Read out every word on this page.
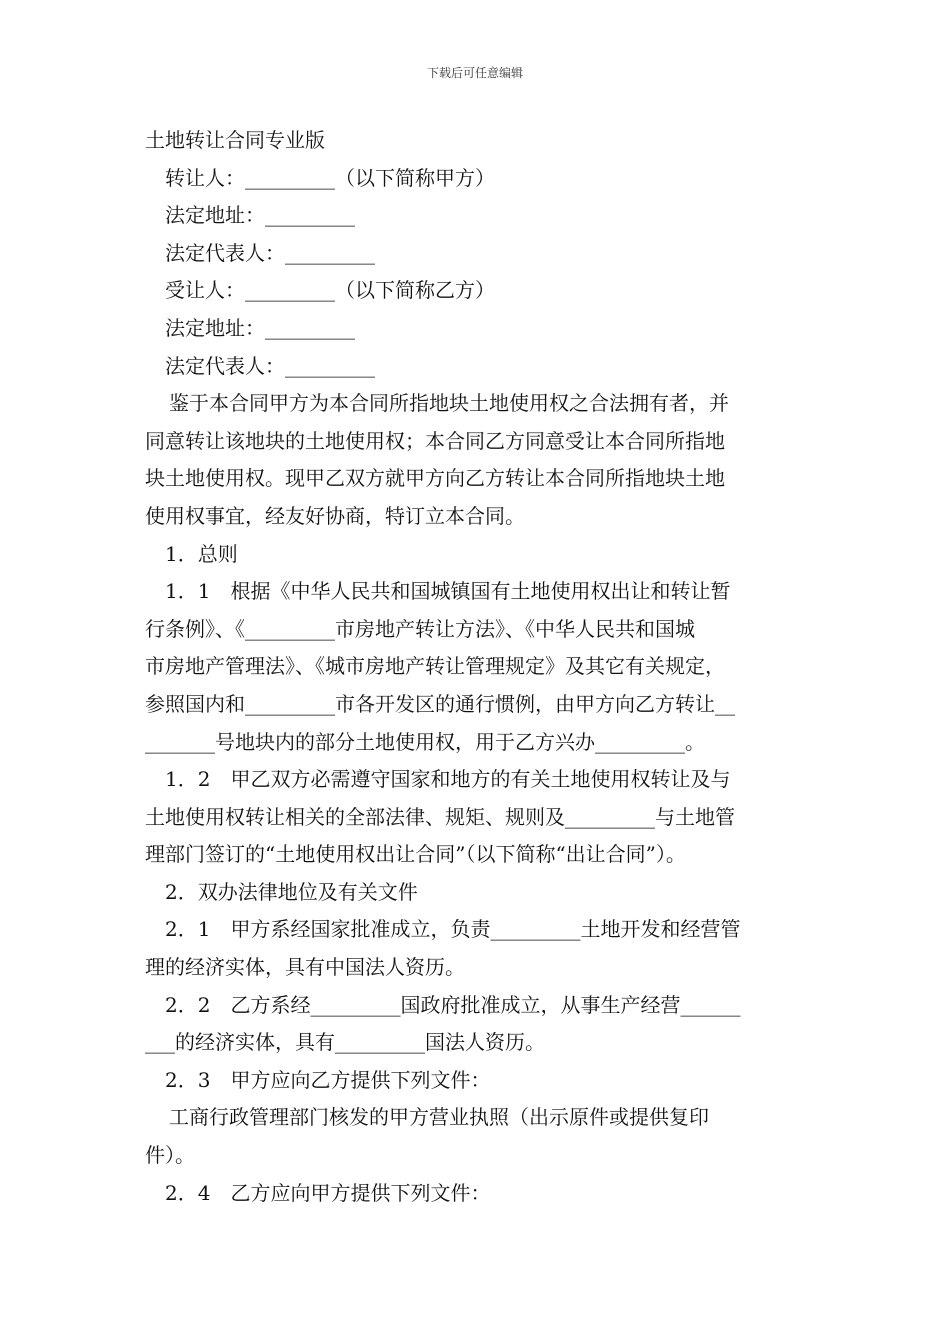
下载后可任意编辑
土地转让合同专业版
转让人：_________（以下简称甲方）
法定地址：_________
法定代表人：_________
受让人：_________（以下简称乙方）
法定地址：_________
法定代表人：_________
鉴于本合同甲方为本合同所指地块土地使用权之合法拥有者，并
同意转让该地块的土地使用权；本合同乙方同意受让本合同所指地
块土地使用权。现甲乙双方就甲方向乙方转让本合同所指地块土地
使用权事宜，经友好协商，特订立本合同。
1．总则
1．1　根据《中华人民共和国城镇国有土地使用权出让和转让暂
行条例》、《_________市房地产转让方法》、《中华人民共和国城
市房地产管理法》、《城市房地产转让管理规定》及其它有关规定，
参照国内和_________市各开发区的通行惯例，由甲方向乙方转让__
_______号地块内的部分土地使用权，用于乙方兴办_________。
1．2　甲乙双方必需遵守国家和地方的有关土地使用权转让及与
土地使用权转让相关的全部法律、规矩、规则及_________与土地管
理部门签订的“土地使用权出让合同”（以下简称“出让合同”）。
2．双办法律地位及有关文件
2．1　甲方系经国家批准成立，负责_________土地开发和经营管
理的经济实体，具有中国法人资历。
2．2　乙方系经_________国政府批准成立，从事生产经营______
___的经济实体，具有_________国法人资历。
2．3　甲方应向乙方提供下列文件：
工商行政管理部门核发的甲方营业执照（出示原件或提供复印
件）。
2．4　乙方应向甲方提供下列文件：
